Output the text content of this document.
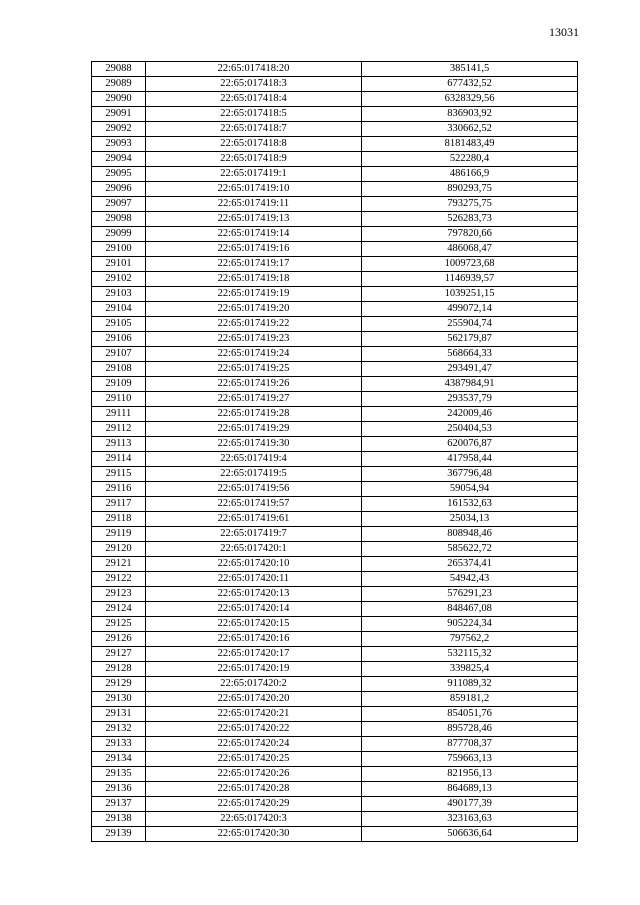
13031
29088	22:65:017418:20	385141,5
29089	22:65:017418:3	677432,52
29090	22:65:017418:4	6328329,56
29091	22:65:017418:5	836903,92
29092	22:65:017418:7	330662,52
29093	22:65:017418:8	8181483,49
29094	22:65:017418:9	522280,4
29095	22:65:017419:1	486166,9
29096	22:65:017419:10	890293,75
29097	22:65:017419:11	793275,75
29098	22:65:017419:13	526283,73
29099	22:65:017419:14	797820,66
29100	22:65:017419:16	486068,47
29101	22:65:017419:17	1009723,68
29102	22:65:017419:18	1146939,57
29103	22:65:017419:19	1039251,15
29104	22:65:017419:20	499072,14
29105	22:65:017419:22	255904,74
29106	22:65:017419:23	562179,87
29107	22:65:017419:24	568664,33
29108	22:65:017419:25	293491,47
29109	22:65:017419:26	4387984,91
29110	22:65:017419:27	293537,79
29111	22:65:017419:28	242009,46
29112	22:65:017419:29	250404,53
29113	22:65:017419:30	620076,87
29114	22:65:017419:4	417958,44
29115	22:65:017419:5	367796,48
29116	22:65:017419:56	59054,94
29117	22:65:017419:57	161532,63
29118	22:65:017419:61	25034,13
29119	22:65:017419:7	808948,46
29120	22:65:017420:1	585622,72
29121	22:65:017420:10	265374,41
29122	22:65:017420:11	54942,43
29123	22:65:017420:13	576291,23
29124	22:65:017420:14	848467,08
29125	22:65:017420:15	905224,34
29126	22:65:017420:16	797562,2
29127	22:65:017420:17	532115,32
29128	22:65:017420:19	339825,4
29129	22:65:017420:2	911089,32
29130	22:65:017420:20	859181,2
29131	22:65:017420:21	854051,76
29132	22:65:017420:22	895728,46
29133	22:65:017420:24	877708,37
29134	22:65:017420:25	759663,13
29135	22:65:017420:26	821956,13
29136	22:65:017420:28	864689,13
29137	22:65:017420:29	490177,39
29138	22:65:017420:3	323163,63
29139	22:65:017420:30	506636,64
